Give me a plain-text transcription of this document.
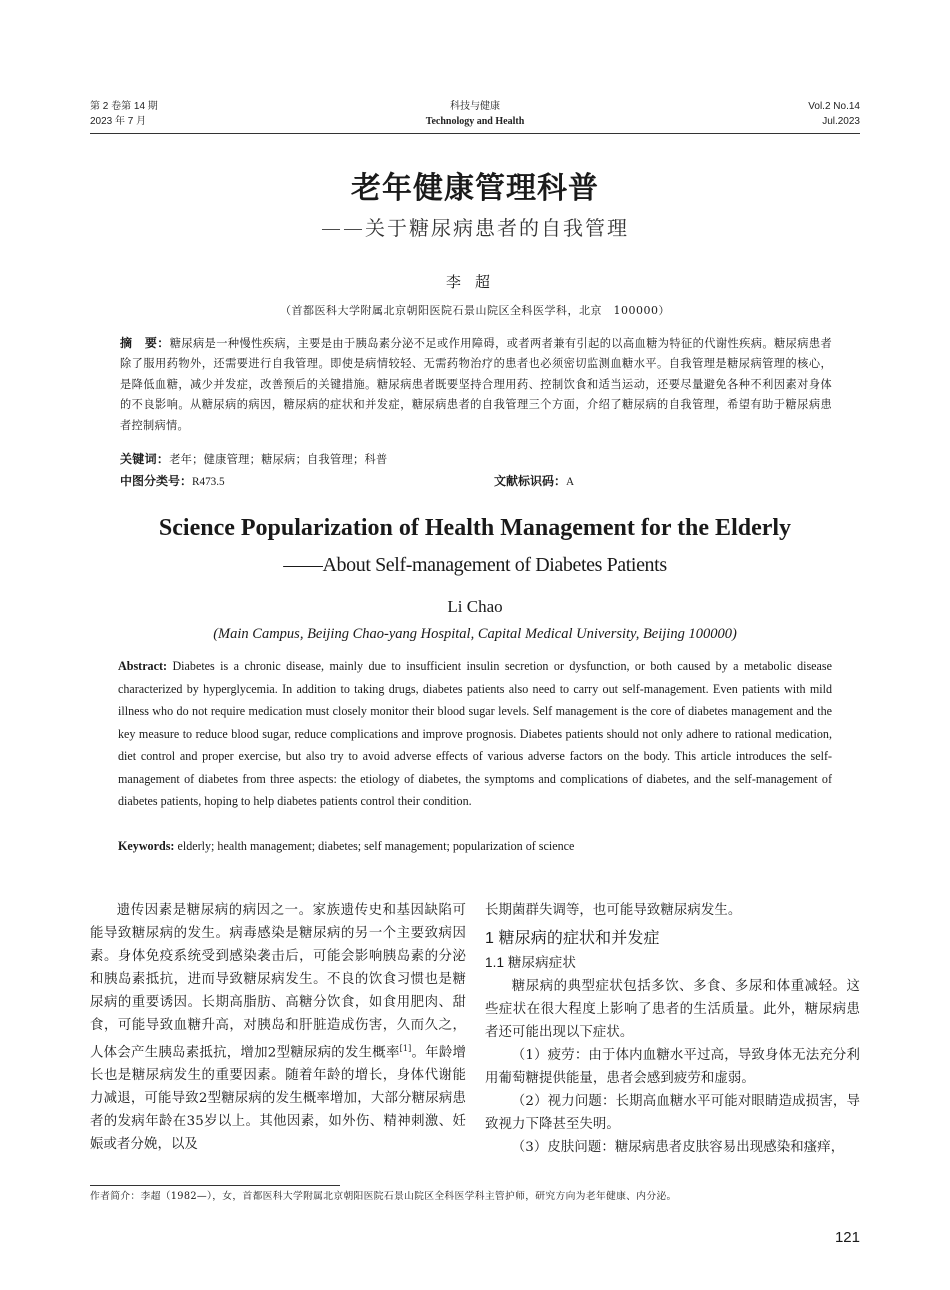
第 2 卷第 14 期
2023 年 7 月
科技与健康
Technology and Health
Vol.2 No.14
Jul.2023
老年健康管理科普
——关于糖尿病患者的自我管理
李超
（首都医科大学附属北京朝阳医院石景山院区全科医学科，北京　100000）
摘　要：糖尿病是一种慢性疾病，主要是由于胰岛素分泌不足或作用障碍，或者两者兼有引起的以高血糖为特征的代谢性疾病。糖尿病患者除了服用药物外，还需要进行自我管理。即使是病情较轻、无需药物治疗的患者也必须密切监测血糖水平。自我管理是糖尿病管理的核心，是降低血糖，减少并发症，改善预后的关键措施。糖尿病患者既要坚持合理用药、控制饮食和适当运动，还要尽量避免各种不利因素对身体的不良影响。从糖尿病的病因，糖尿病的症状和并发症，糖尿病患者的自我管理三个方面，介绍了糖尿病的自我管理，希望有助于糖尿病患者控制病情。
关键词：老年；健康管理；糖尿病；自我管理；科普
中图分类号：R473.5	文献标识码：A
Science Popularization of Health Management for the Elderly
——About Self-management of Diabetes Patients
Li Chao
(Main Campus, Beijing Chao-yang Hospital, Capital Medical University, Beijing 100000)
Abstract: Diabetes is a chronic disease, mainly due to insufficient insulin secretion or dysfunction, or both caused by a metabolic disease characterized by hyperglycemia. In addition to taking drugs, diabetes patients also need to carry out self-management. Even patients with mild illness who do not require medication must closely monitor their blood sugar levels. Self management is the core of diabetes management and the key measure to reduce blood sugar, reduce complications and improve prognosis. Diabetes patients should not only adhere to rational medication, diet control and proper exercise, but also try to avoid adverse effects of various adverse factors on the body. This article introduces the self-management of diabetes from three aspects: the etiology of diabetes, the symptoms and complications of diabetes, and the self-management of diabetes patients, hoping to help diabetes patients control their condition.
Keywords: elderly; health management; diabetes; self management; popularization of science

遗传因素是糖尿病的病因之一。家族遗传史和基因缺陷可能导致糖尿病的发生。病毒感染是糖尿病的另一个主要致病因素。身体免疫系统受到感染袭击后，可能会影响胰岛素的分泌和胰岛素抵抗，进而导致糖尿病发生。不良的饮食习惯也是糖尿病的重要诱因。长期高脂肪、高糖分饮食，如食用肥肉、甜食，可能导致血糖升高，对胰岛和肝脏造成伤害，久而久之，人体会产生胰岛素抵抗，增加2型糖尿病的发生概率[1]。年龄增长也是糖尿病发生的重要因素。随着年龄的增长，身体代谢能力减退，可能导致2型糖尿病的发生概率增加，大部分糖尿病患者的发病年龄在35岁以上。其他因素，如外伤、精神刺激、妊娠或者分娩，以及

长期菌群失调等，也可能导致糖尿病发生。

1 糖尿病的症状和并发症
1.1 糖尿病症状

糖尿病的典型症状包括多饮、多食、多尿和体重减轻。这些症状在很大程度上影响了患者的生活质量。此外，糖尿病患者还可能出现以下症状。

（1）疲劳：由于体内血糖水平过高，导致身体无法充分利用葡萄糖提供能量，患者会感到疲劳和虚弱。

（2）视力问题：长期高血糖水平可能对眼睛造成损害，导致视力下降甚至失明。

（3）皮肤问题：糖尿病患者皮肤容易出现感染和瘙痒，

作者简介：李超（1982—），女，首都医科大学附属北京朝阳医院石景山院区全科医学科主管护师，研究方向为老年健康、内分泌。
121
